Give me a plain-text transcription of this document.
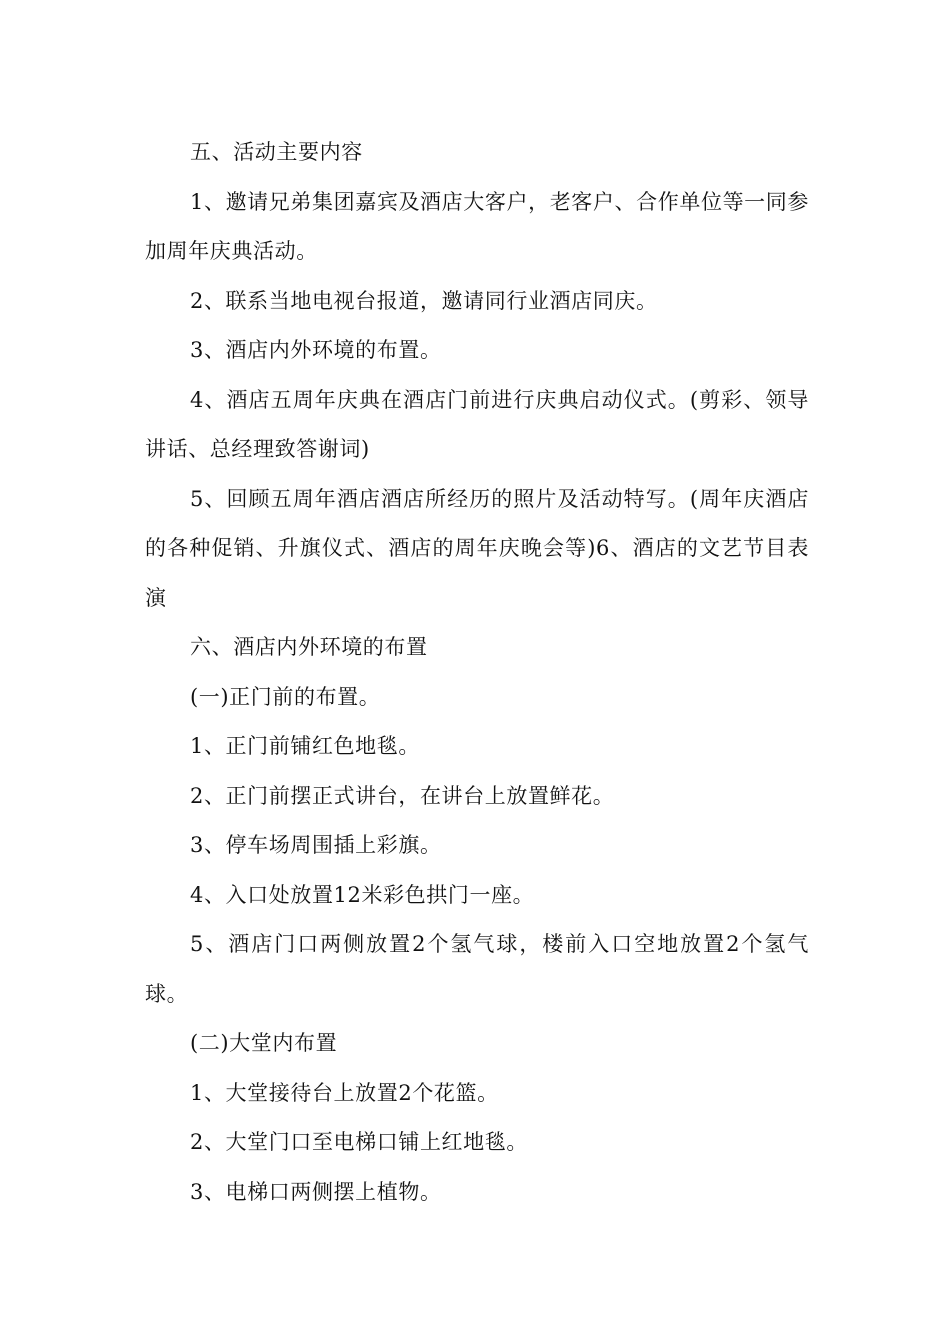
五、活动主要内容

1、邀请兄弟集团嘉宾及酒店大客户，老客户、合作单位等一同参加周年庆典活动。

2、联系当地电视台报道，邀请同行业酒店同庆。

3、酒店内外环境的布置。

4、酒店五周年庆典在酒店门前进行庆典启动仪式。(剪彩、领导讲话、总经理致答谢词)

5、回顾五周年酒店酒店所经历的照片及活动特写。(周年庆酒店的各种促销、升旗仪式、酒店的周年庆晚会等)6、酒店的文艺节目表演

六、酒店内外环境的布置

(一)正门前的布置。

1、正门前铺红色地毯。

2、正门前摆正式讲台，在讲台上放置鲜花。

3、停车场周围插上彩旗。

4、入口处放置12米彩色拱门一座。

5、酒店门口两侧放置2个氢气球，楼前入口空地放置2个氢气球。

(二)大堂内布置

1、大堂接待台上放置2个花篮。

2、大堂门口至电梯口铺上红地毯。

3、电梯口两侧摆上植物。
